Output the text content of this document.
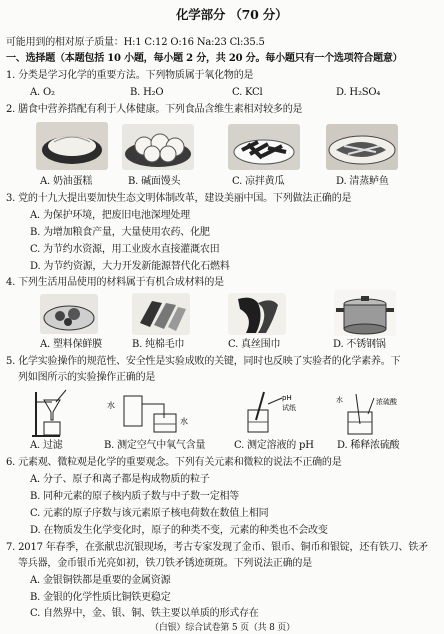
化学部分 （70 分）
可能用到的相对原子质量：H:1 C:12 O:16 Na:23 Cl:35.5
一、选择题（本题包括 10 小题，每小题 2 分，共 20 分。每小题只有一个选项符合题意）
1. 分类是学习化学的重要方法。下列物质属于氧化物的是
A. O₂	B. H₂O	C. KCl	D. H₂SO₄
2. 膳食中营养搭配有利于人体健康。下列食品含维生素相对较多的是
A. 奶油蛋糕	B. 碱面馒头	C. 凉拌黄瓜	D. 清蒸鲈鱼
3. 党的十九大提出要加快生态文明体制改革，建设美丽中国。下列做法正确的是
A. 为保护环境，把废旧电池深埋处理
B. 为增加粮食产量，大量使用农药、化肥
C. 为节约水资源，用工业废水直接灌溉农田
D. 为节约资源，大力开发新能源替代化石燃料
4. 下列生活用品使用的材料属于有机合成材料的是
A. 塑料保鲜膜	B. 纯棉毛巾	C. 真丝围巾	D. 不锈钢锅
5. 化学实验操作的规范性、安全性是实验成败的关键，同时也反映了实验者的化学素养。下
列如图所示的实验操作正确的是
水
水
pH
试纸
浓硫酸
水
A. 过滤	B. 测定空气中氧气含量	C. 测定溶液的 pH D. 稀释浓硫酸
6. 元素观、微粒观是化学的重要观念。下列有关元素和微粒的说法不正确的是
A. 分子、原子和离子都是构成物质的粒子
B. 同种元素的原子核内质子数与中子数一定相等
C. 元素的原子序数与该元素原子核电荷数在数值上相同
D. 在物质发生化学变化时，原子的种类不变，元素的种类也不会改变
7. 2017 年春季，在张献忠沉银现场，考古专家发现了金币、银币、铜币和银锭，还有铁刀、铁矛
等兵器，金币银币光亮如初，铁刀铁矛锈迹斑斑。下列说法正确的是
A. 金银铜铁都是重要的金属资源
B. 金银的化学性质比铜铁更稳定
C. 自然界中，金、银、铜、铁主要以单质的形式存在
（白银）综合试卷第 5 页（共 8 页）
